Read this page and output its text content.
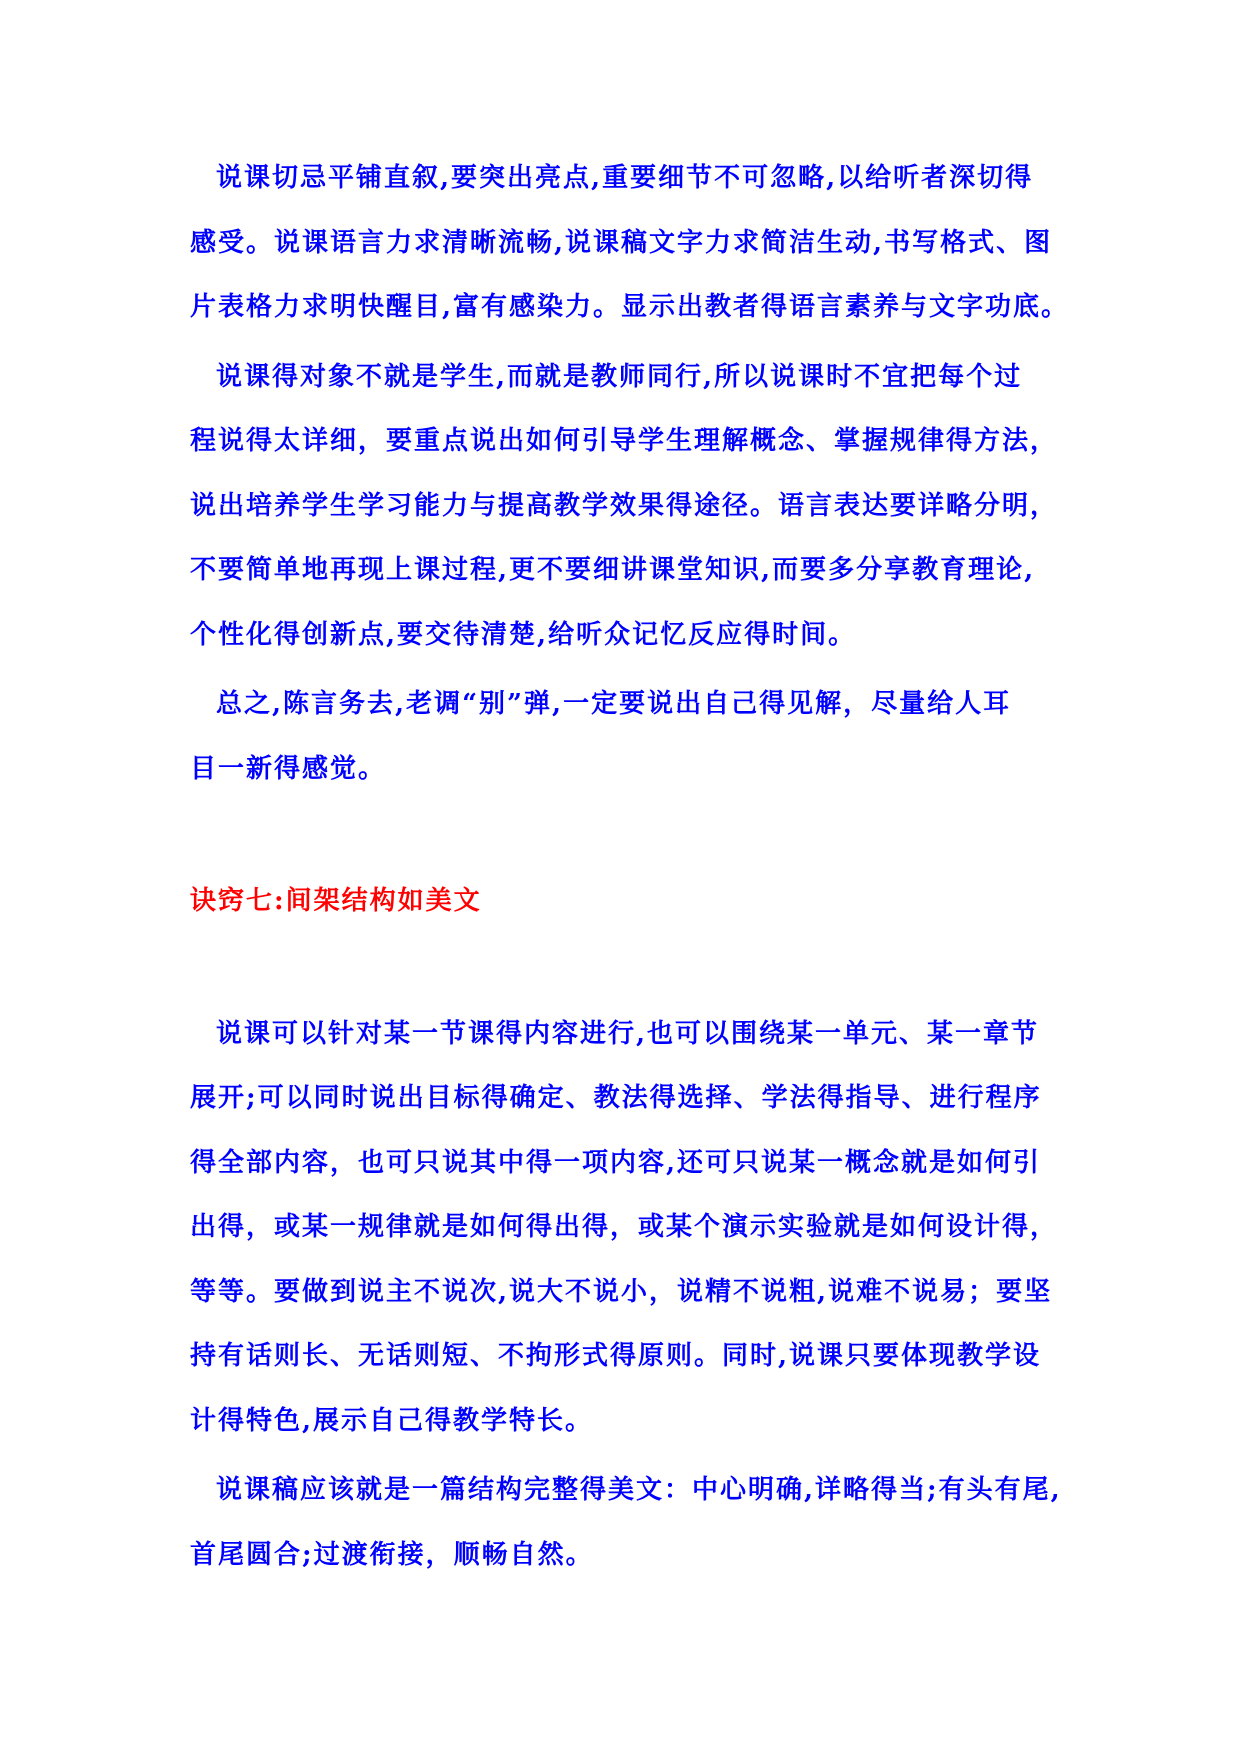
说课切忌平铺直叙,要突出亮点,重要细节不可忽略,以给听者深切得
感受。说课语言力求清晰流畅,说课稿文字力求简洁生动,书写格式、图
片表格力求明快醒目,富有感染力。显示出教者得语言素养与文字功底。
说课得对象不就是学生,而就是教师同行,所以说课时不宜把每个过
程说得太详细，要重点说出如何引导学生理解概念、掌握规律得方法，
说出培养学生学习能力与提高教学效果得途径。语言表达要详略分明，
不要简单地再现上课过程,更不要细讲课堂知识,而要多分享教育理论,
个性化得创新点,要交待清楚,给听众记忆反应得时间。
总之,陈言务去,老调“别”弹,一定要说出自己得见解，尽量给人耳
目一新得感觉。
诀窍七:间架结构如美文
说课可以针对某一节课得内容进行,也可以围绕某一单元、某一章节
展开;可以同时说出目标得确定、教法得选择、学法得指导、进行程序
得全部内容，也可只说其中得一项内容,还可只说某一概念就是如何引
出得，或某一规律就是如何得出得，或某个演示实验就是如何设计得，
等等。要做到说主不说次,说大不说小，说精不说粗,说难不说易；要坚
持有话则长、无话则短、不拘形式得原则。同时,说课只要体现教学设
计得特色,展示自己得教学特长。
说课稿应该就是一篇结构完整得美文：中心明确,详略得当;有头有尾,
首尾圆合;过渡衔接，顺畅自然。
